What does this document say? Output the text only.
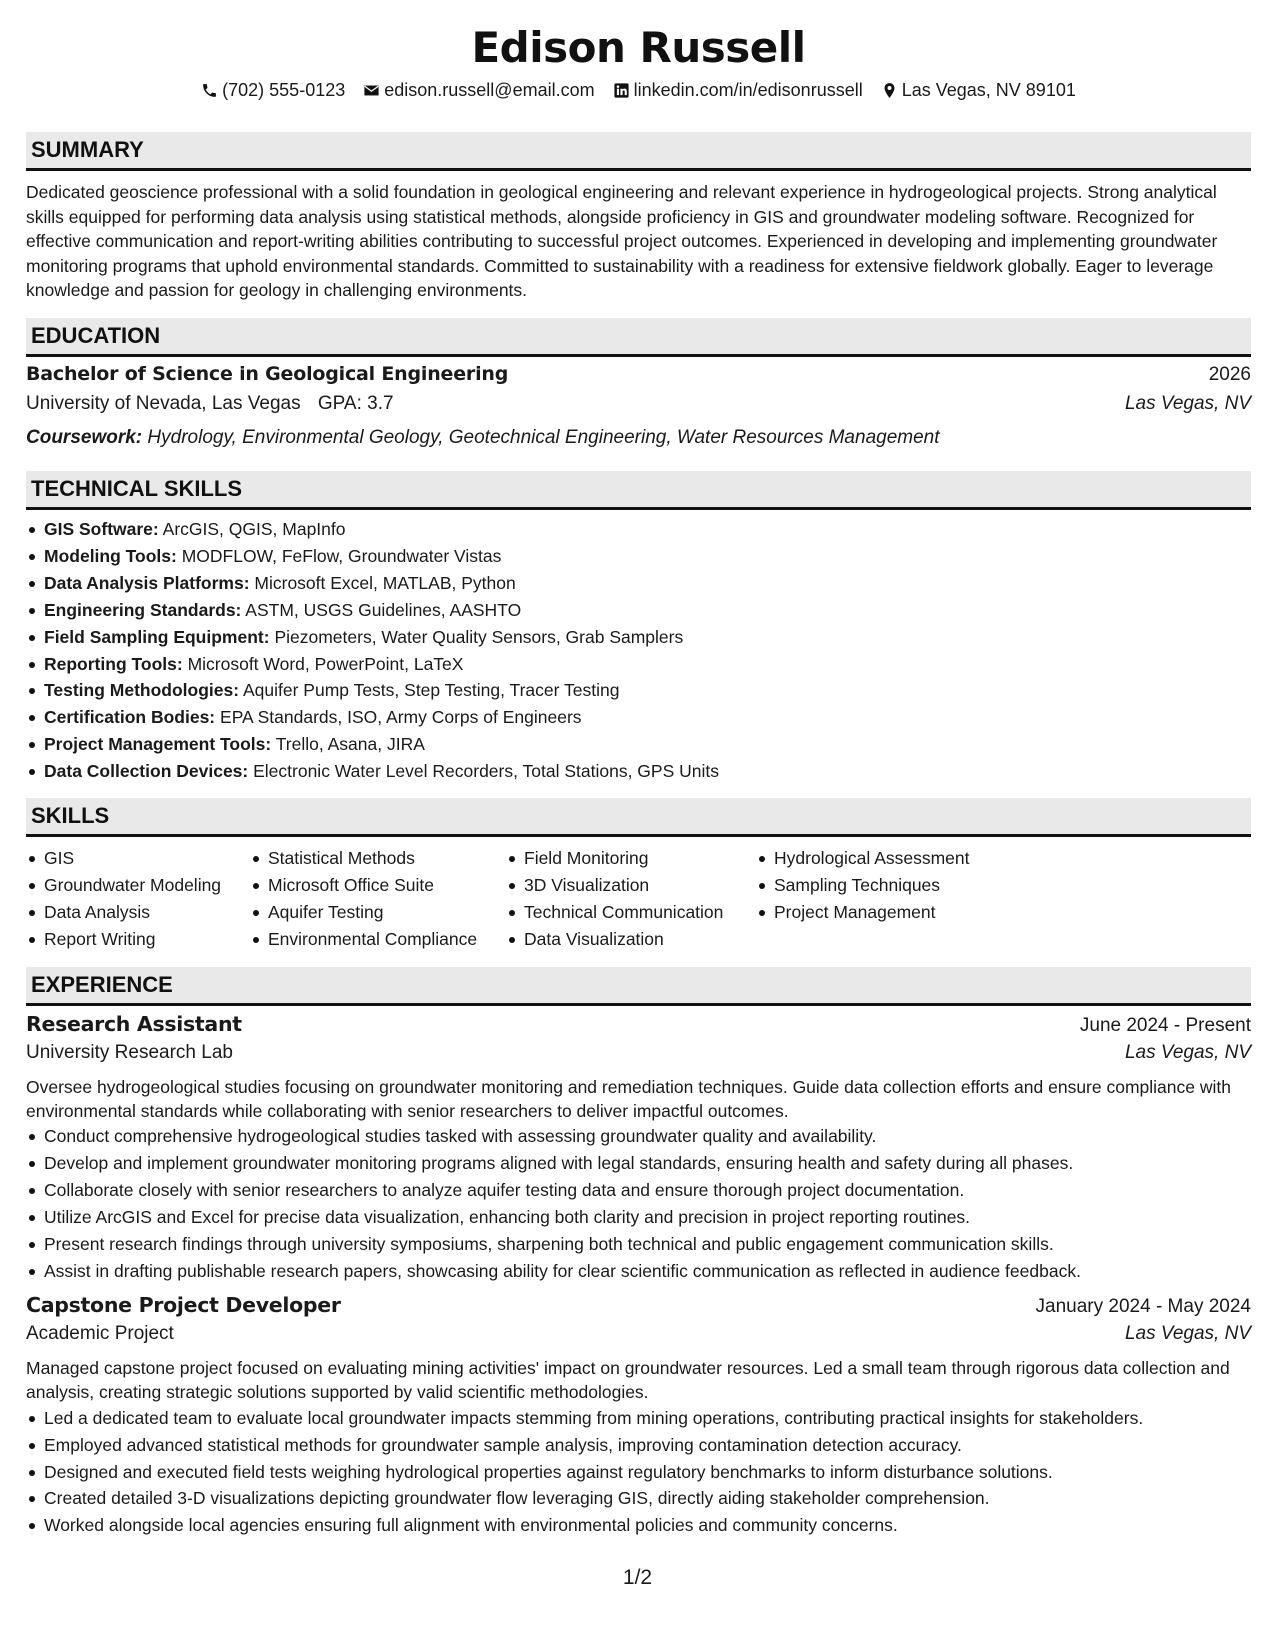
Edison Russell
(702) 555-0123 edison.russell@email.com linkedin.com/in/edisonrussell Las Vegas, NV 89101
SUMMARY

Dedicated geoscience professional with a solid foundation in geological engineering and relevant experience in hydrogeological projects. Strong analytical skills equipped for performing data analysis using statistical methods, alongside proficiency in GIS and groundwater modeling software. Recognized for effective communication and report-writing abilities contributing to successful project outcomes. Experienced in developing and implementing groundwater monitoring programs that uphold environmental standards. Committed to sustainability with a readiness for extensive fieldwork globally. Eager to leverage knowledge and passion for geology in challenging environments.

EDUCATION
Bachelor of Science in Geological Engineering	2026
University of Nevada, Las Vegas GPA: 3.7	Las Vegas, NV
Coursework: Hydrology, Environmental Geology, Geotechnical Engineering, Water Resources Management
TECHNICAL SKILLS
GIS Software: ArcGIS, QGIS, MapInfo
Modeling Tools: MODFLOW, FeFlow, Groundwater Vistas
Data Analysis Platforms: Microsoft Excel, MATLAB, Python
Engineering Standards: ASTM, USGS Guidelines, AASHTO
Field Sampling Equipment: Piezometers, Water Quality Sensors, Grab Samplers
Reporting Tools: Microsoft Word, PowerPoint, LaTeX
Testing Methodologies: Aquifer Pump Tests, Step Testing, Tracer Testing
Certification Bodies: EPA Standards, ISO, Army Corps of Engineers
Project Management Tools: Trello, Asana, JIRA
Data Collection Devices: Electronic Water Level Recorders, Total Stations, GPS Units
SKILLS
GIS
Groundwater Modeling
Data Analysis
Report Writing
Statistical Methods
Microsoft Office Suite
Aquifer Testing
Environmental Compliance
Field Monitoring
3D Visualization
Technical Communication
Data Visualization
Hydrological Assessment
Sampling Techniques
Project Management
EXPERIENCE
Research Assistant	June 2024 - Present
University Research Lab	Las Vegas, NV

Oversee hydrogeological studies focusing on groundwater monitoring and remediation techniques. Guide data collection efforts and ensure compliance with environmental standards while collaborating with senior researchers to deliver impactful outcomes.

Conduct comprehensive hydrogeological studies tasked with assessing groundwater quality and availability.
Develop and implement groundwater monitoring programs aligned with legal standards, ensuring health and safety during all phases.
Collaborate closely with senior researchers to analyze aquifer testing data and ensure thorough project documentation.
Utilize ArcGIS and Excel for precise data visualization, enhancing both clarity and precision in project reporting routines.
Present research findings through university symposiums, sharpening both technical and public engagement communication skills.
Assist in drafting publishable research papers, showcasing ability for clear scientific communication as reflected in audience feedback.
Capstone Project Developer	January 2024 - May 2024
Academic Project	Las Vegas, NV

Managed capstone project focused on evaluating mining activities' impact on groundwater resources. Led a small team through rigorous data collection and analysis, creating strategic solutions supported by valid scientific methodologies.

Led a dedicated team to evaluate local groundwater impacts stemming from mining operations, contributing practical insights for stakeholders.
Employed advanced statistical methods for groundwater sample analysis, improving contamination detection accuracy.
Designed and executed field tests weighing hydrological properties against regulatory benchmarks to inform disturbance solutions.
Created detailed 3-D visualizations depicting groundwater flow leveraging GIS, directly aiding stakeholder comprehension.
Worked alongside local agencies ensuring full alignment with environmental policies and community concerns.
1/2
